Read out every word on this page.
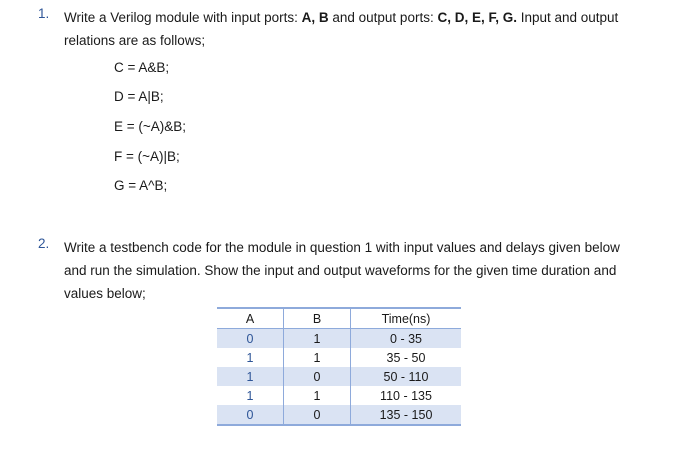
1. Write a Verilog module with input ports: A, B and output ports: C, D, E, F, G. Input and output
relations are as follows;
C = A&B;
D = A|B;
E = (~A)&B;
F = (~A)|B;
G = A^B;
2. Write a testbench code for the module in question 1 with input values and delays given below
and run the simulation. Show the input and output waveforms for the given time duration and
values below;
A	B	Time(ns)
0	1	0 - 35
1	1	35 - 50
1	0	50 - 110
1	1	110 - 135
0	0	135 - 150
